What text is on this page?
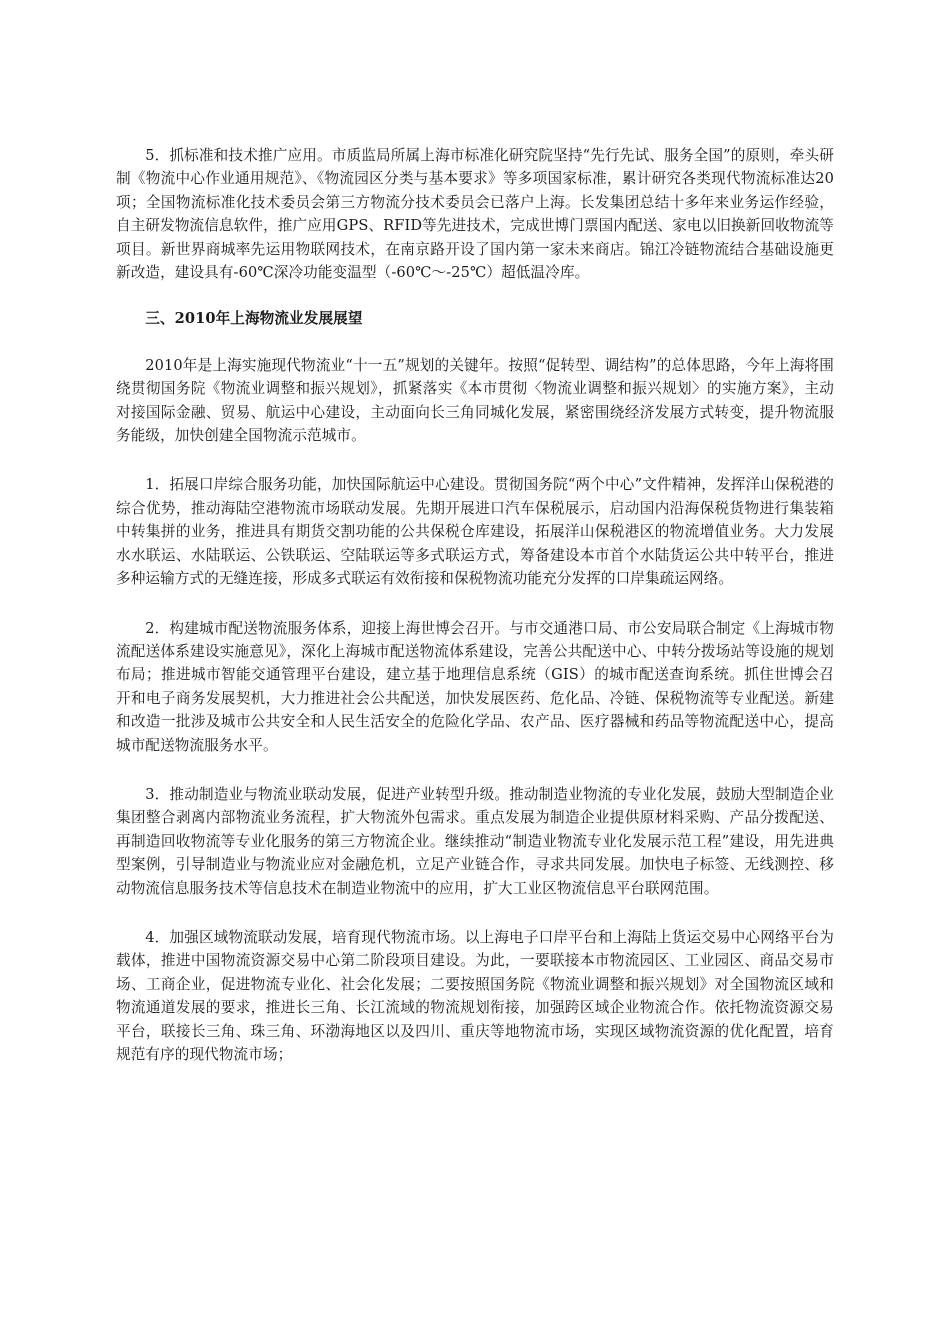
5．抓标准和技术推广应用。市质监局所属上海市标准化研究院坚持“先行先试、服务全国”的原则，牵头研制《物流中心作业通用规范》、《物流园区分类与基本要求》等多项国家标准，累计研究各类现代物流标准达20项；全国物流标准化技术委员会第三方物流分技术委员会已落户上海。长发集团总结十多年来业务运作经验，自主研发物流信息软件，推广应用GPS、RFID等先进技术，完成世博门票国内配送、家电以旧换新回收物流等项目。新世界商城率先运用物联网技术，在南京路开设了国内第一家未来商店。锦江冷链物流结合基础设施更新改造，建设具有-60℃深冷功能变温型（-60℃～-25℃）超低温冷库。

三、2010年上海物流业发展展望

2010年是上海实施现代物流业“十一五”规划的关键年。按照“促转型、调结构”的总体思路，今年上海将围绕贯彻国务院《物流业调整和振兴规划》，抓紧落实《本市贯彻〈物流业调整和振兴规划〉的实施方案》，主动对接国际金融、贸易、航运中心建设，主动面向长三角同城化发展，紧密围绕经济发展方式转变，提升物流服务能级，加快创建全国物流示范城市。

1．拓展口岸综合服务功能，加快国际航运中心建设。贯彻国务院“两个中心”文件精神，发挥洋山保税港的综合优势，推动海陆空港物流市场联动发展。先期开展进口汽车保税展示，启动国内沿海保税货物进行集装箱中转集拼的业务，推进具有期货交割功能的公共保税仓库建设，拓展洋山保税港区的物流增值业务。大力发展水水联运、水陆联运、公铁联运、空陆联运等多式联运方式，筹备建设本市首个水陆货运公共中转平台，推进多种运输方式的无缝连接，形成多式联运有效衔接和保税物流功能充分发挥的口岸集疏运网络。

2．构建城市配送物流服务体系，迎接上海世博会召开。与市交通港口局、市公安局联合制定《上海城市物流配送体系建设实施意见》，深化上海城市配送物流体系建设，完善公共配送中心、中转分拨场站等设施的规划布局；推进城市智能交通管理平台建设，建立基于地理信息系统（GIS）的城市配送查询系统。抓住世博会召开和电子商务发展契机，大力推进社会公共配送，加快发展医药、危化品、冷链、保税物流等专业配送。新建和改造一批涉及城市公共安全和人民生活安全的危险化学品、农产品、医疗器械和药品等物流配送中心，提高城市配送物流服务水平。

3．推动制造业与物流业联动发展，促进产业转型升级。推动制造业物流的专业化发展，鼓励大型制造企业集团整合剥离内部物流业务流程，扩大物流外包需求。重点发展为制造企业提供原材料采购、产品分拨配送、再制造回收物流等专业化服务的第三方物流企业。继续推动“制造业物流专业化发展示范工程”建设，用先进典型案例，引导制造业与物流业应对金融危机，立足产业链合作，寻求共同发展。加快电子标签、无线测控、移动物流信息服务技术等信息技术在制造业物流中的应用，扩大工业区物流信息平台联网范围。

4．加强区域物流联动发展，培育现代物流市场。以上海电子口岸平台和上海陆上货运交易中心网络平台为载体，推进中国物流资源交易中心第二阶段项目建设。为此，一要联接本市物流园区、工业园区、商品交易市场、工商企业，促进物流专业化、社会化发展；二要按照国务院《物流业调整和振兴规划》对全国物流区域和物流通道发展的要求，推进长三角、长江流域的物流规划衔接，加强跨区域企业物流合作。依托物流资源交易平台，联接长三角、珠三角、环渤海地区以及四川、重庆等地物流市场，实现区域物流资源的优化配置，培育规范有序的现代物流市场；
